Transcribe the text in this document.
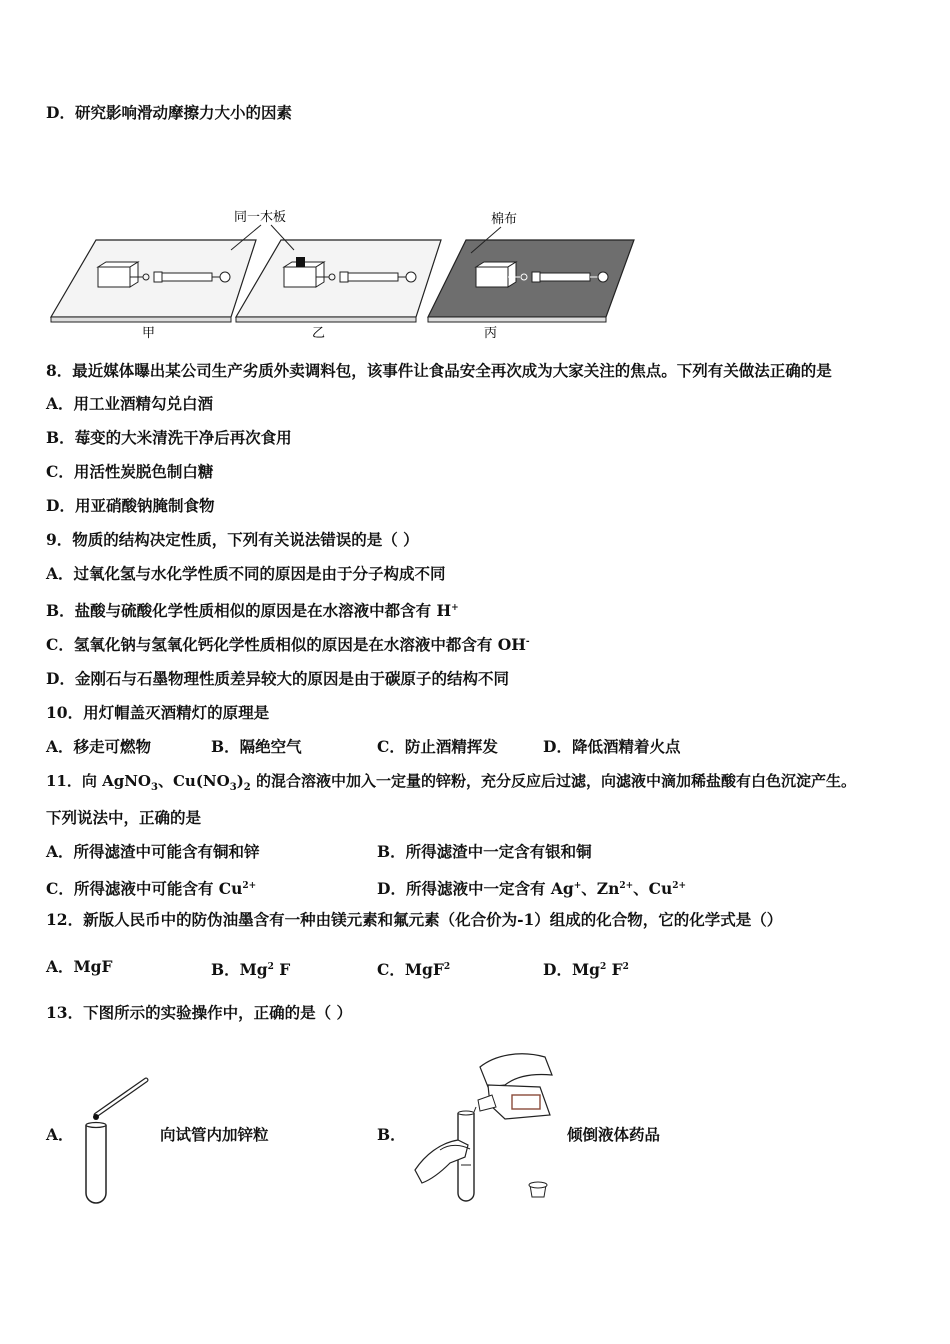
D．研究影响滑动摩擦力大小的因素
同一木板	棉布
甲	乙	丙
8．最近媒体曝出某公司生产劣质外卖调料包，该事件让食品安全再次成为大家关注的焦点。下列有关做法正确的是
A．用工业酒精勾兑白酒
B．莓变的大米清洗干净后再次食用
C．用活性炭脱色制白糖
D．用亚硝酸钠腌制食物
9．物质的结构决定性质，下列有关说法错误的是（ ）
A．过氧化氢与水化学性质不同的原因是由于分子构成不同
B．盐酸与硫酸化学性质相似的原因是在水溶液中都含有 H+
C．氢氧化钠与氢氧化钙化学性质相似的原因是在水溶液中都含有 OH-
D．金刚石与石墨物理性质差异较大的原因是由于碳原子的结构不同
10．用灯帽盖灭酒精灯的原理是
A．移走可燃物	B．隔绝空气	C．防止酒精挥发	D．降低酒精着火点
11．向 AgNO$_3$、$Cu(NO_3)_2$ 的混合溶液中加入一定量的锌粉，充分反应后过滤，向滤液中滴加稀盐酸有白色沉淀产生。
下列说法中，正确的是
A．所得滤渣中可能含有铜和锌	B．所得滤渣中一定含有银和铜
C．所得滤液中可能含有 $Cu^{2+}$	D．所得滤液中一定含有 Ag+、$Zn^{2+}$、$Cu^{2+}$
12．新版人民币中的防伪油墨含有一种由镁元素和氟元素（化合价为-1）组成的化合物，它的化学式是（）
A．MgF	B．Mg$^2$ F	C．MgF$^2$	D．Mg$^2$ $F^2$
13．下图所示的实验操作中，正确的是（ ）
A．	向试管内加锌粒	B．	倾倒液体药品
